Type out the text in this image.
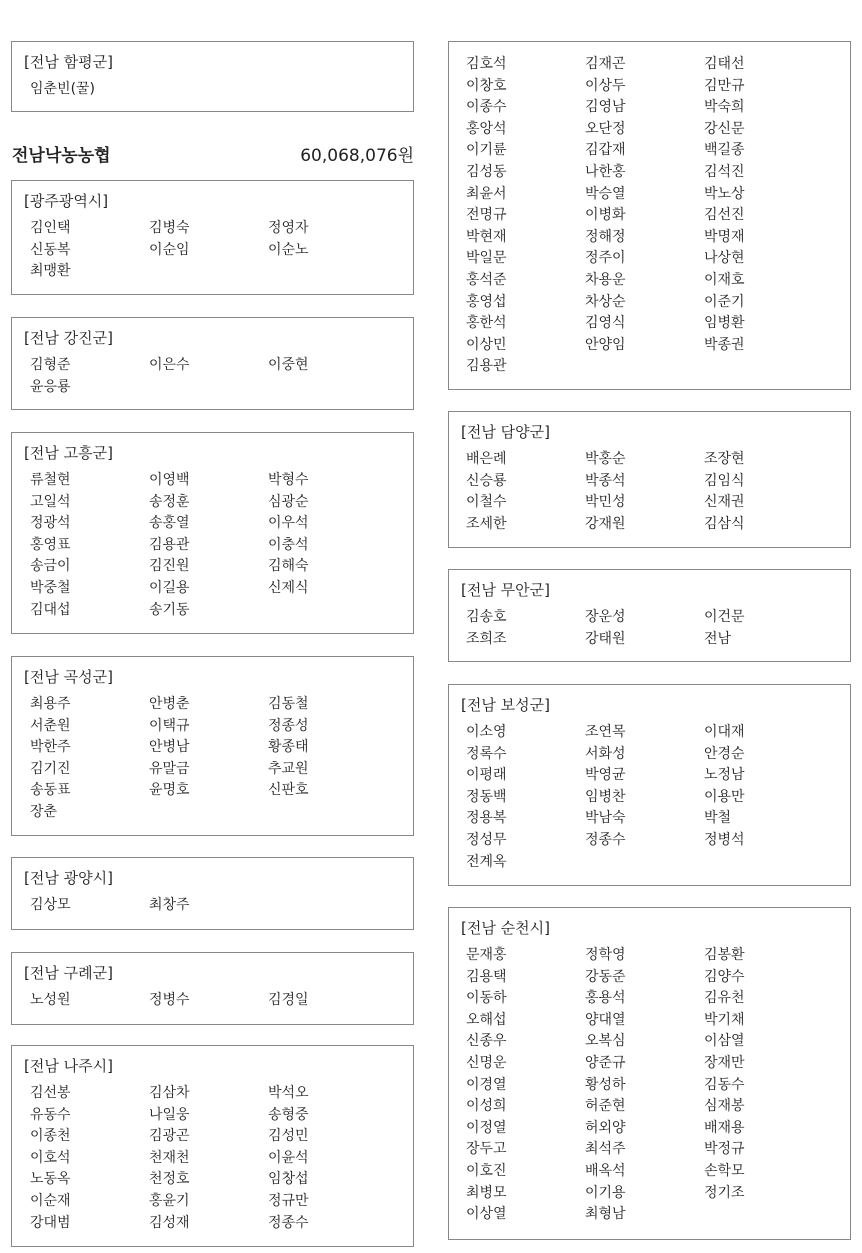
[전남 함평군]
임춘빈(꿀)
전남낙농농협	60,068,076원
[광주광역시]
김인택	김병숙	정영자
신동복	이순임	이순노
최맹환
[전남 강진군]
김형준	이은수	이중현
윤응룡
[전남 고흥군]
류철현	이영백	박형수
고일석	송정훈	심광순
정광석	송홍열	이우석
홍영표	김용관	이충석
송금이	김진원	김해숙
박중철	이길용	신제식
김대섭	송기동
[전남 곡성군]
최용주	안병춘	김동철
서춘원	이택규	정종성
박한주	안병남	황종태
김기진	유말금	추교원
송동표	윤명호	신판호
장춘
[전남 광양시]
김상모	최창주
[전남 구례군]
노성원	정병수	김경일
[전남 나주시]
김선봉	김삼차	박석오
유동수	나일웅	송형중
이종천	김광곤	김성민
이호석	천재천	이윤석
노동옥	천정호	임창섭
이순재	홍윤기	정규만
강대범	김성재	정종수
김호석	김재곤	김태선
이창호	이상두	김만규
이종수	김영남	박숙희
홍앙석	오단정	강신문
이기륜	김갑재	백길종
김성동	나한홍	김석진
최윤서	박승열	박노상
전명규	이병화	김선진
박현재	정해정	박명재
박일문	정주이	나상현
홍석준	차용운	이재호
홍영섭	차상순	이준기
홍한석	김영식	임병환
이상민	안양임	박종권
김용관
[전남 담양군]
배은례	박홍순	조장현
신승룡	박종석	김임식
이철수	박민성	신재권
조세한	강재원	김삼식
[전남 무안군]
김송호	장운성	이건문
조희조	강태원	전남
[전남 보성군]
이소영	조연목	이대재
정록수	서화성	안경순
이평래	박영균	노정남
정동백	임병찬	이용만
정용복	박남숙	박철
정성무	정종수	정병석
전계옥
[전남 순천시]
문재홍	정학영	김봉환
김용택	강동준	김양수
이동하	홍용석	김유천
오해섭	양대열	박기채
신종우	오복심	이삼열
신명운	양준규	장재만
이경열	황성하	김동수
이성희	허준현	심재봉
이정열	허외양	배재용
장두고	최석주	박정규
이호진	배옥석	손학모
최병모	이기용	정기조
이상열	최형남
